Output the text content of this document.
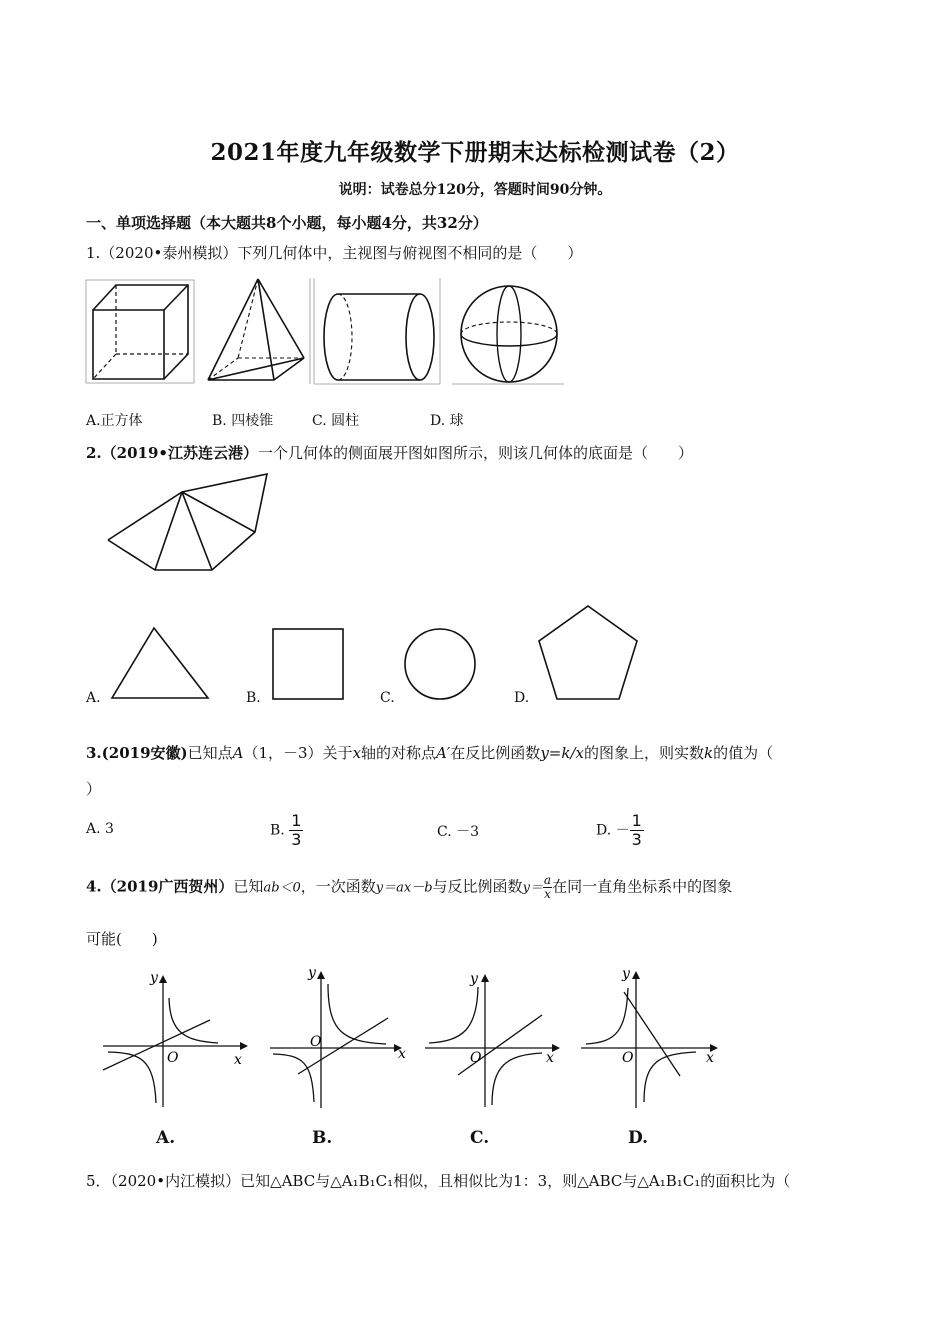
2021年度九年级数学下册期末达标检测试卷（2）
说明：试卷总分120分，答题时间90分钟。
一、单项选择题（本大题共8个小题，每小题4分，共32分）
1.（2020•泰州模拟）下列几何体中，主视图与俯视图不相同的是（　　）
A.正方体	B. 四棱锥	C. 圆柱	D. 球
2.（2019•江苏连云港）一个几何体的侧面展开图如图所示，则该几何体的底面是（　　）
A.	B.	C.	D.
3.(2019安徽)已知点A（1，－3）关于x轴的对称点A′在反比例函数y=k/x的图象上，则实数k的值为（
）
A. 3	B. $\frac{1}{3}$	C. －3	D. － $\frac{1}{3}$
4.（2019广西贺州）已知ab＜0，一次函数y＝ax－b与反比例函数$y= \frac{a}{x}$ 在同一直角坐标系中的图象
可能(　　)
y
x
O
y
x
O
y
x
O
y
x
O
A.	B.	C.	D.
5．（2020•内江模拟）已知△ABC与△A₁B₁C₁相似，且相似比为1：3，则△ABC与△A₁B₁C₁的面积比为（
